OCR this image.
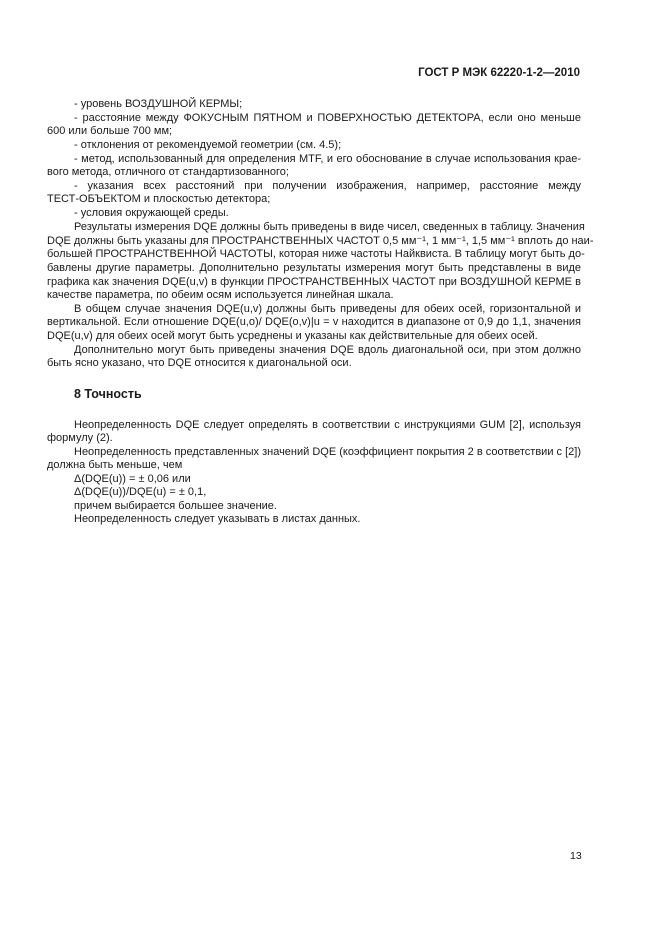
ГОСТ Р МЭК 62220-1-2—2010
- уровень ВОЗДУШНОЙ КЕРМЫ;
- расстояние между ФОКУСНЫМ ПЯТНОМ и ПОВЕРХНОСТЬЮ ДЕТЕКТОРА, если оно меньше
600 или больше 700 мм;
- отклонения от рекомендуемой геометрии (см. 4.5);
- метод, использованный для определения MTF, и его обоснование в случае использования крае-
вого метода, отличного от стандартизованного;
- указания всех расстояний при получении изображения, например, расстояние между
ТЕСТ-ОБЪЕКТОМ и плоскостью детектора;
- условия окружающей среды.
Результаты измерения DQE должны быть приведены в виде чисел, сведенных в таблицу. Значения
DQE должны быть указаны для ПРОСТРАНСТВЕННЫХ ЧАСТОТ 0,5 мм⁻¹, 1 мм⁻¹, 1,5 мм⁻¹ вплоть до наи-
большей ПРОСТРАНСТВЕННОЙ ЧАСТОТЫ, которая ниже частоты Найквиста. В таблицу могут быть до-
бавлены другие параметры. Дополнительно результаты измерения могут быть представлены в виде
графика как значения DQE(u,v) в функции ПРОСТРАНСТВЕННЫХ ЧАСТОТ при ВОЗДУШНОЙ КЕРМЕ в
качестве параметра, по обеим осям используется линейная шкала.
В общем случае значения DQE(u,v) должны быть приведены для обеих осей, горизонтальной и
вертикальной. Если отношение DQE(u,o)/ DQE(o,v)|u = v находится в диапазоне от 0,9 до 1,1, значения
DQE(u,v) для обеих осей могут быть усреднены и указаны как действительные для обеих осей.
Дополнительно могут быть приведены значения DQE вдоль диагональной оси, при этом должно
быть ясно указано, что DQE относится к диагональной оси.
8 Точность
Неопределенность DQE следует определять в соответствии с инструкциями GUM [2], используя
формулу (2).
Неопределенность представленных значений DQE (коэффициент покрытия 2 в соответствии с [2])
должна быть меньше, чем
Δ(DQE(u)) = ± 0,06 или
Δ(DQE(u))/DQE(u) = ± 0,1,
причем выбирается большее значение.
Неопределенность следует указывать в листах данных.
13
